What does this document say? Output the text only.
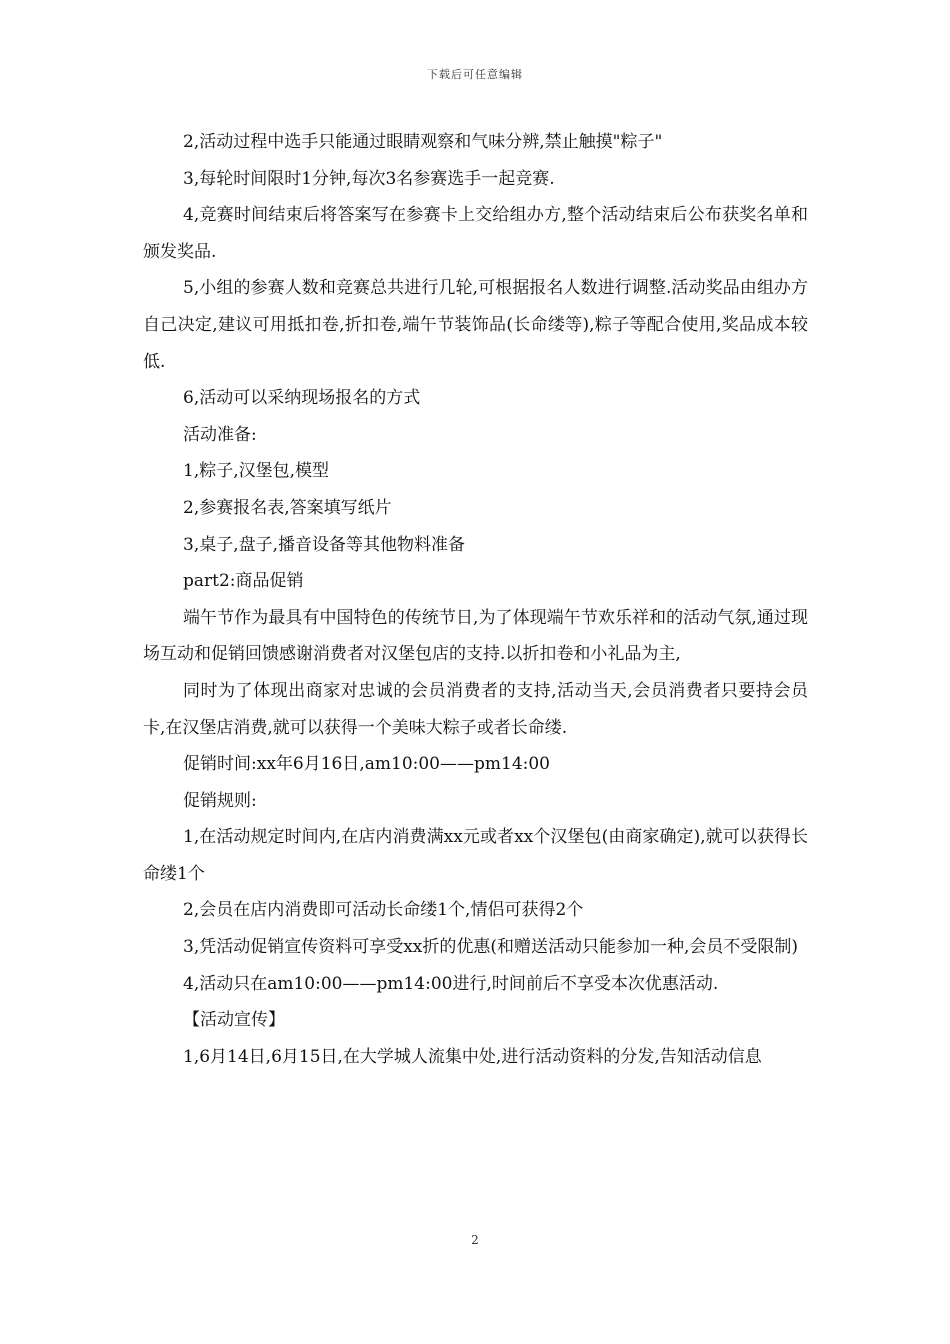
下载后可任意编辑

2,活动过程中选手只能通过眼睛观察和气味分辨,禁止触摸"粽子"

3,每轮时间限时1分钟,每次3名参赛选手一起竞赛.

4,竞赛时间结束后将答案写在参赛卡上交给组办方,整个活动结束后公布获奖名单和颁发奖品.

5,小组的参赛人数和竞赛总共进行几轮,可根据报名人数进行调整.活动奖品由组办方自己决定,建议可用抵扣卷,折扣卷,端午节装饰品(长命缕等),粽子等配合使用,奖品成本较低.

6,活动可以采纳现场报名的方式

活动准备:

1,粽子,汉堡包,模型

2,参赛报名表,答案填写纸片

3,桌子,盘子,播音设备等其他物料准备

part2:商品促销

端午节作为最具有中国特色的传统节日,为了体现端午节欢乐祥和的活动气氛,通过现场互动和促销回馈感谢消费者对汉堡包店的支持.以折扣卷和小礼品为主,

同时为了体现出商家对忠诚的会员消费者的支持,活动当天,会员消费者只要持会员卡,在汉堡店消费,就可以获得一个美味大粽子或者长命缕.

促销时间:xx年6月16日,am10:00——pm14:00

促销规则:

1,在活动规定时间内,在店内消费满xx元或者xx个汉堡包(由商家确定),就可以获得长命缕1个

2,会员在店内消费即可活动长命缕1个,情侣可获得2个

3,凭活动促销宣传资料可享受xx折的优惠(和赠送活动只能参加一种,会员不受限制)

4,活动只在am10:00——pm14:00进行,时间前后不享受本次优惠活动.

【活动宣传】

1,6月14日,6月15日,在大学城人流集中处,进行活动资料的分发,告知活动信息

2
